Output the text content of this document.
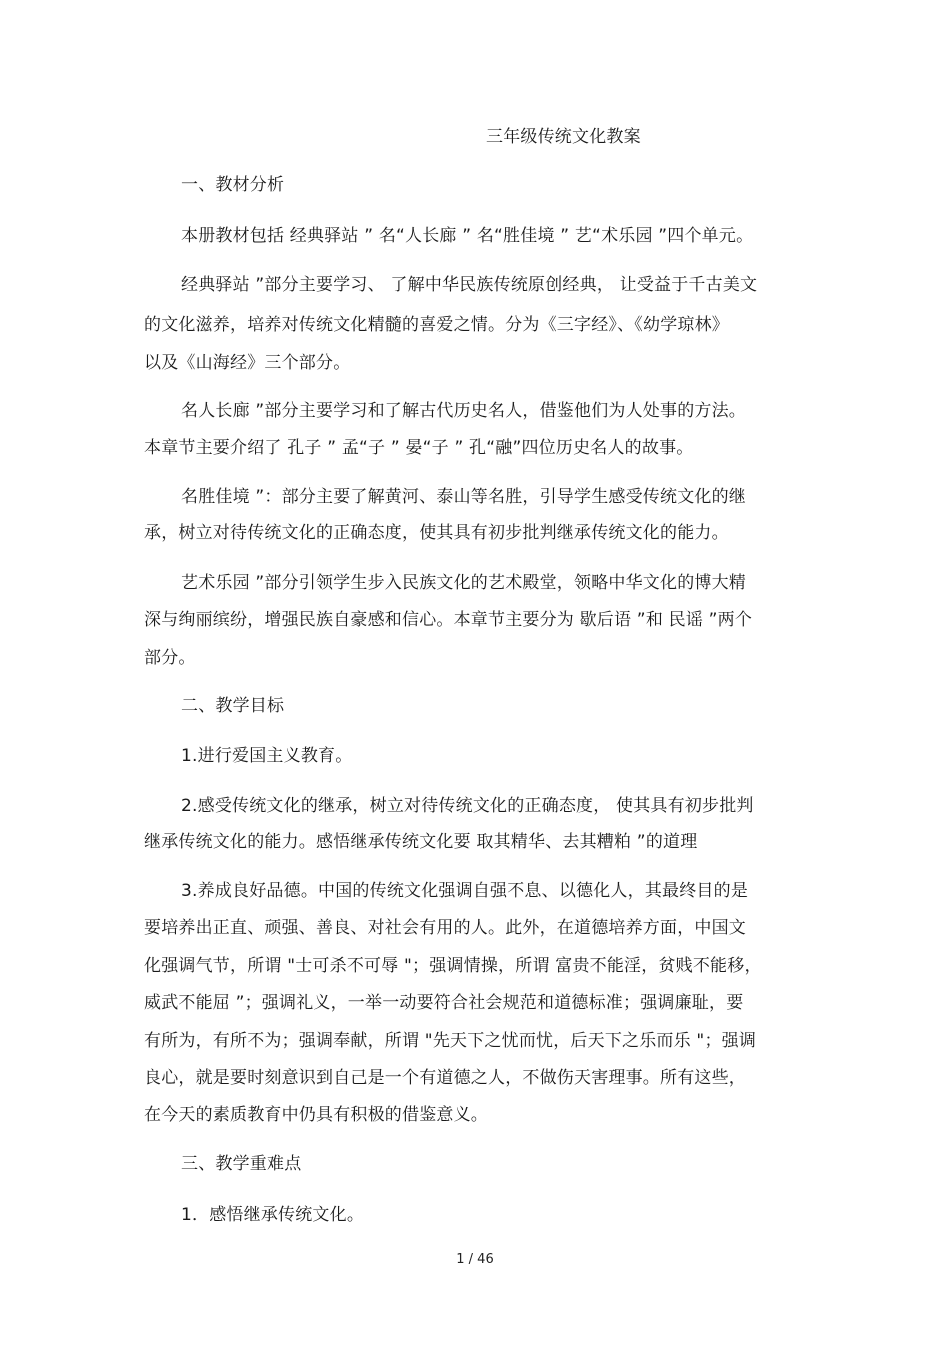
三年级传统文化教案
一、教材分析
本册教材包括 经典驿站 ” 名“人长廊 ” 名“胜佳境 ” 艺“术乐园 ”四个单元。
经典驿站 ”部分主要学习、 了解中华民族传统原创经典， 让受益于千古美文
的文化滋养，培养对传统文化精髓的喜爱之情。分为《三字经》、《幼学琼林》
以及《山海经》三个部分。
名人长廊 ”部分主要学习和了解古代历史名人，借鉴他们为人处事的方法。
本章节主要介绍了 孔子 ” 孟“子 ” 晏“子 ” 孔“融”四位历史名人的故事。
名胜佳境 ”：部分主要了解黄河、泰山等名胜，引导学生感受传统文化的继
承，树立对待传统文化的正确态度，使其具有初步批判继承传统文化的能力。
艺术乐园 ”部分引领学生步入民族文化的艺术殿堂，领略中华文化的博大精
深与绚丽缤纷，增强民族自豪感和信心。本章节主要分为 歇后语 ”和 民谣 ”两个
部分。
二、教学目标
1.进行爱国主义教育。
2.感受传统文化的继承，树立对待传统文化的正确态度， 使其具有初步批判
继承传统文化的能力。感悟继承传统文化要 取其精华、去其糟粕 ”的道理
3.养成良好品德。中国的传统文化强调自强不息、以德化人，其最终目的是
要培养出正直、顽强、善良、对社会有用的人。此外，在道德培养方面，中国文
化强调气节，所谓 "士可杀不可辱 "；强调情操，所谓 富贵不能淫，贫贱不能移，
威武不能屈 ”；强调礼义，一举一动要符合社会规范和道德标准；强调廉耻，要
有所为，有所不为；强调奉献，所谓 "先天下之忧而忧，后天下之乐而乐 "；强调
良心，就是要时刻意识到自己是一个有道德之人，不做伤天害理事。所有这些，
在今天的素质教育中仍具有积极的借鉴意义。
三、教学重难点
1．感悟继承传统文化。
1 / 46
